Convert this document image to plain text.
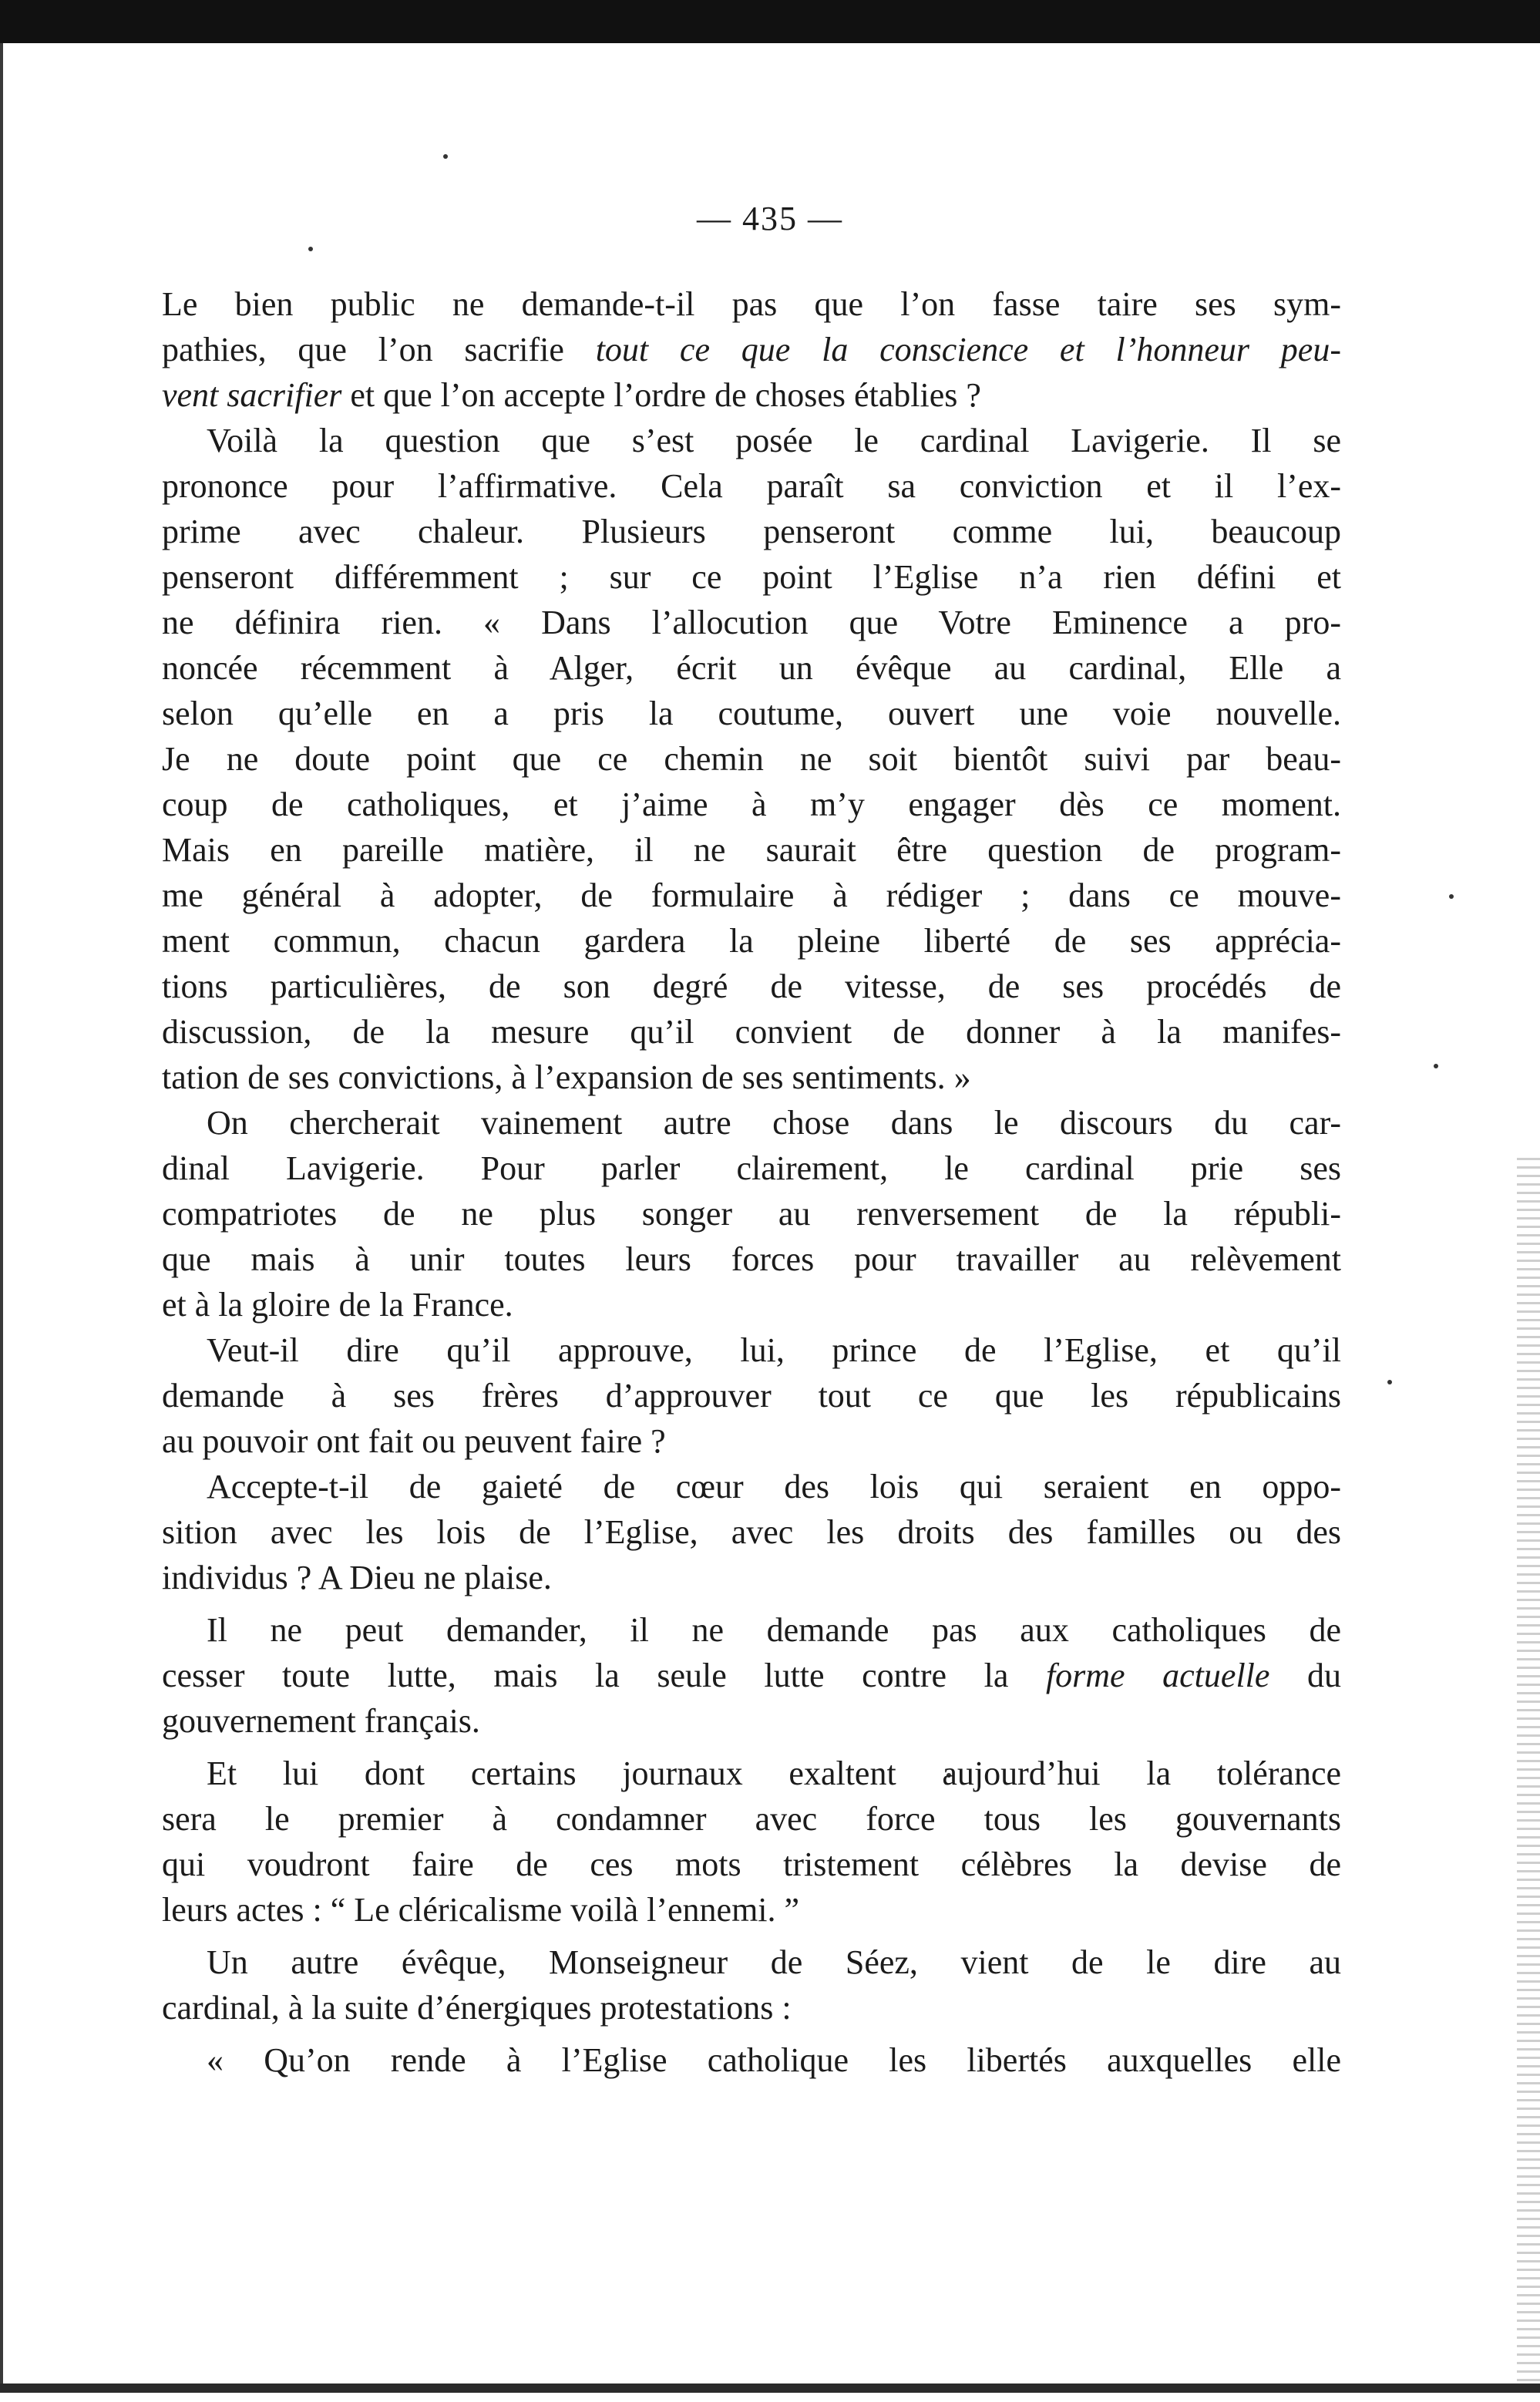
— 435 —
Le bien public ne demande-t-il pas que l’on fasse taire ses sym-
pathies, que l’on sacrifie tout ce que la conscience et l’honneur peu-
vent sacrifier et que l’on accepte l’ordre de choses établies ?
Voilà la question que s’est posée le cardinal Lavigerie. Il se
prononce pour l’affirmative. Cela paraît sa conviction et il l’ex-
prime avec chaleur. Plusieurs penseront comme lui, beaucoup
penseront différemment ; sur ce point l’Eglise n’a rien défini et
ne définira rien. « Dans l’allocution que Votre Eminence a pro-
noncée récemment à Alger, écrit un évêque au cardinal, Elle a
selon qu’elle en a pris la coutume, ouvert une voie nouvelle.
Je ne doute point que ce chemin ne soit bientôt suivi par beau-
coup de catholiques, et j’aime à m’y engager dès ce moment.
Mais en pareille matière, il ne saurait être question de program-
me général à adopter, de formulaire à rédiger ; dans ce mouve-
ment commun, chacun gardera la pleine liberté de ses apprécia-
tions particulières, de son degré de vitesse, de ses procédés de
discussion, de la mesure qu’il convient de donner à la manifes-
tation de ses convictions, à l’expansion de ses sentiments. »
On chercherait vainement autre chose dans le discours du car-
dinal Lavigerie. Pour parler clairement, le cardinal prie ses
compatriotes de ne plus songer au renversement de la républi-
que mais à unir toutes leurs forces pour travailler au relèvement
et à la gloire de la France.
Veut-il dire qu’il approuve, lui, prince de l’Eglise, et qu’il
demande à ses frères d’approuver tout ce que les républicains
au pouvoir ont fait ou peuvent faire ?
Accepte-t-il de gaieté de cœur des lois qui seraient en oppo-
sition avec les lois de l’Eglise, avec les droits des familles ou des
individus ? A Dieu ne plaise.
Il ne peut demander, il ne demande pas aux catholiques de
cesser toute lutte, mais la seule lutte contre la forme actuelle du
gouvernement français.
Et lui dont certains journaux exaltent aujourd’hui la tolérance
sera le premier à condamner avec force tous les gouvernants
qui voudront faire de ces mots tristement célèbres la devise de
leurs actes : “ Le cléricalisme voilà l’ennemi. ”
Un autre évêque, Monseigneur de Séez, vient de le dire au
cardinal, à la suite d’énergiques protestations :
« Qu’on rende à l’Eglise catholique les libertés auxquelles elle
